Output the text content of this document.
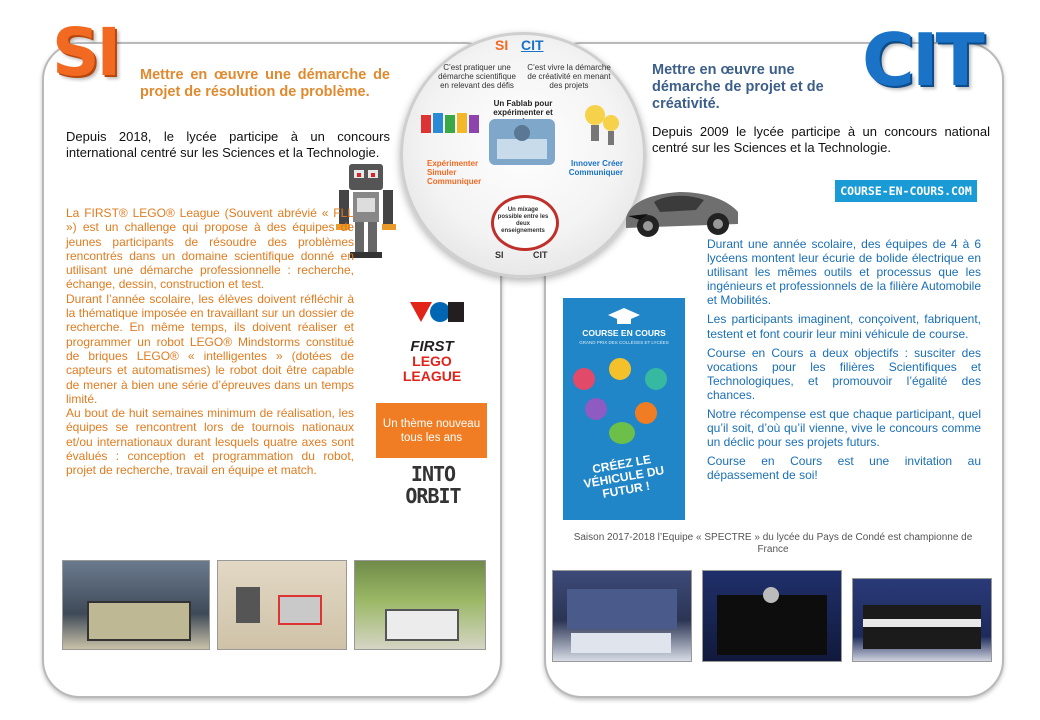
SI	CIT
Mettre en œuvre une démarche de projet de résolution de problème.
Mettre en œuvre une démarche de projet et de créativité.
Depuis 2018, le lycée participe à un concours international centré sur les Sciences et la Technologie.
Depuis 2009 le lycée participe à un concours national centré sur les Sciences et la Technologie.
SI CIT
C’est pratiquer une démarche scientifique en relevant des défis
C’est vivre la démarche de créativité en menant des projets
Un Fablab pour expérimenter et
Expérimenter Simuler Communiquer
Innover Créer Communiquer
Un mixage possible entre les deux enseignements
SI	CIT

La FIRST® LEGO® League (Souvent abrévié « FLL ») est un challenge qui propose à des équipes de jeunes participants de résoudre des problèmes rencontrés dans un domaine scientifique donné en utilisant une démarche professionnelle : recherche, échange, dessin, construction et test.

Durant l’année scolaire, les élèves doivent réfléchir à la thématique imposée en travaillant sur un dossier de recherche. En même temps, ils doivent réaliser et programmer un robot LEGO® Mindstorms constitué de briques LEGO® « intelligentes » (dotées de capteurs et automatismes) le robot doit être capable de mener à bien une série d’épreuves dans un temps limité.

Au bout de huit semaines minimum de réalisation, les équipes se rencontrent lors de tournois nationaux et/ou internationaux durant lesquels quatre axes sont évalués : conception et programmation du robot, projet de recherche, travail en équipe et match.

FIRST
LEGO
LEAGUE
Un thème nouveau tous les ans
INTO
ORBIT
COURSE-EN-COURS.COM

Durant une année scolaire, des équipes de 4 à 6 lycéens montent leur écurie de bolide électrique en utilisant les mêmes outils et processus que les ingénieurs et professionnels de la filière Automobile et Mobilités.

Les participants imaginent, conçoivent, fabriquent, testent et font courir leur mini véhicule de course.

Course en Cours a deux objectifs : susciter des vocations pour les filières Scientifiques et Technologiques, et promouvoir l’égalité des chances.

Notre récompense est que chaque participant, quel qu’il soit, d’où qu’il vienne, vive le concours comme un déclic pour ses projets futurs.

Course en Cours est une invitation au dépassement de soi!

COURSE EN COURS
GRAND PRIX DES COLLÈGES ET LYCÉES
CRÉEZ LE VÉHICULE DU FUTUR !
Saison 2017-2018 l’Equipe « SPECTRE » du lycée du Pays de Condé est championne de France
